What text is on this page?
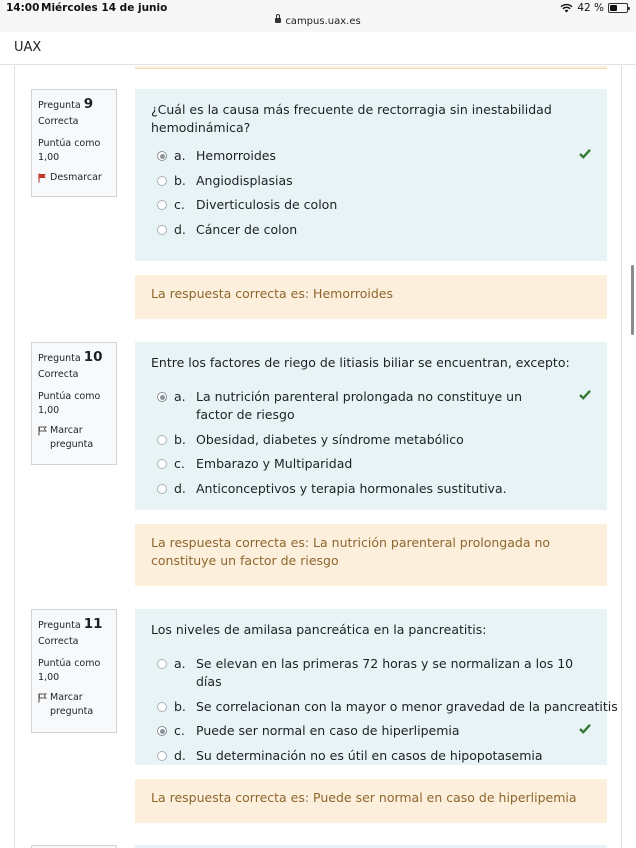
14:00 Miércoles 14 de junio
campus.uax.es
42 %
UAX
Pregunta 9
Correcta
Puntúa como
1,00
Desmarcar
¿Cuál es la causa más frecuente de rectorragia sin inestabilidad hemodinámica?
a. Hemorroides
b. Angiodisplasias
c. Diverticulosis de colon
d. Cáncer de colon
La respuesta correcta es: Hemorroides
Pregunta 10
Correcta
Puntúa como
1,00
Marcar pregunta
Entre los factores de riego de litiasis biliar se encuentran, excepto:
a. La nutrición parenteral prolongada no constituye un factor de riesgo
b. Obesidad, diabetes y síndrome metabólico
c. Embarazo y Multiparidad
d. Anticonceptivos y terapia hormonales sustitutiva.
La respuesta correcta es: La nutrición parenteral prolongada no constituye un factor de riesgo
Pregunta 11
Correcta
Puntúa como
1,00
Marcar pregunta
Los niveles de amilasa pancreática en la pancreatitis:
a. Se elevan en las primeras 72 horas y se normalizan a los 10 días
b. Se correlacionan con la mayor o menor gravedad de la pancreatitis
c. Puede ser normal en caso de hiperlipemia
d. Su determinación no es útil en casos de hipopotasemia
La respuesta correcta es: Puede ser normal en caso de hiperlipemia
